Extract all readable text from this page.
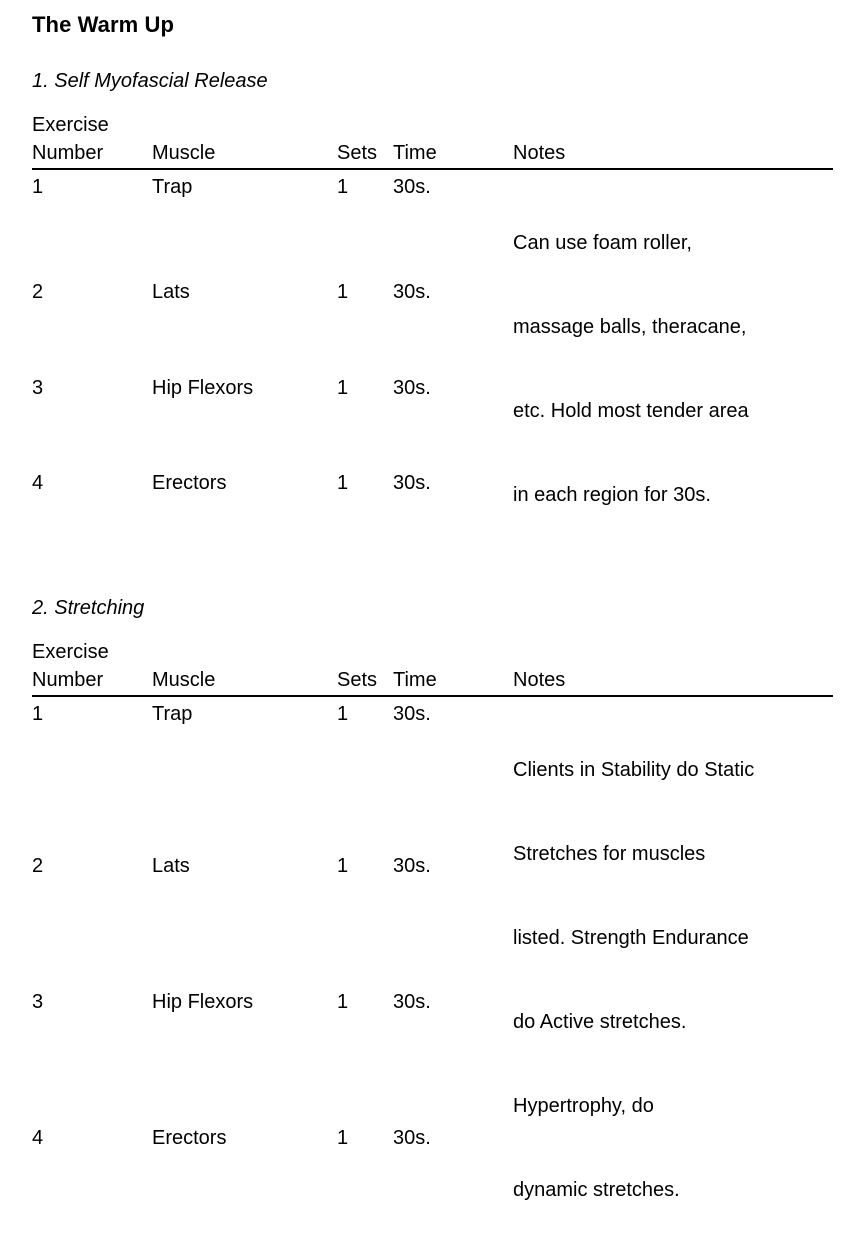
The Warm Up
1. Self Myofascial Release
Exercise				
Number	Muscle	Sets	Time	Notes
1	Trap	1	30s.	Can use foam roller,

massage balls, theracane,

etc. Hold most tender area

in each region for 30s.

2	Lats	1	30s.	
3	Hip Flexors	1	30s.	
4	Erectors	1	30s.	
2. Stretching
Exercise				
Number	Muscle	Sets	Time	Notes
1	Trap	1	30s.	

Clients in Stability do Static

Stretches for muscles

listed. Strength Endurance

do Active stretches.

Hypertrophy, do

dynamic stretches.

2	Lats	1	30s.	
3	Hip Flexors	1	30s.	
4	Erectors	1	30s.	
